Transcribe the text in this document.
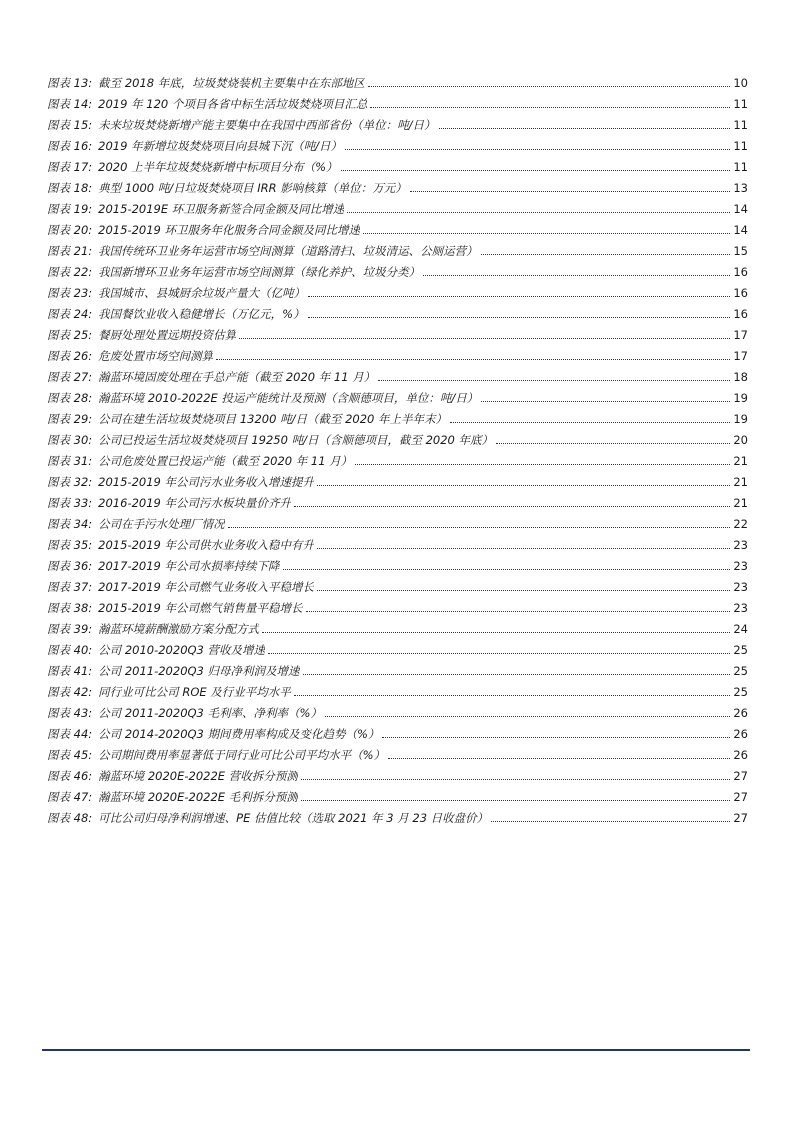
图表 13: 截至 2018 年底，垃圾焚烧装机主要集中在东部地区	10
图表 14: 2019 年 120 个项目各省中标生活垃圾焚烧项目汇总	11
图表 15: 未来垃圾焚烧新增产能主要集中在我国中西部省份（单位：吨/日）	11
图表 16: 2019 年新增垃圾焚烧项目向县城下沉（吨/日）	11
图表 17: 2020 上半年垃圾焚烧新增中标项目分布（%）	11
图表 18: 典型 1000 吨/日垃圾焚烧项目 IRR 影响核算（单位：万元）	13
图表 19: 2015-2019E 环卫服务新签合同金额及同比增速	14
图表 20: 2015-2019 环卫服务年化服务合同金额及同比增速	14
图表 21: 我国传统环卫业务年运营市场空间测算（道路清扫、垃圾清运、公厕运营）	15
图表 22: 我国新增环卫业务年运营市场空间测算（绿化养护、垃圾分类）	16
图表 23: 我国城市、县城厨余垃圾产量大（亿吨）	16
图表 24: 我国餐饮业收入稳健增长（万亿元，%）	16
图表 25: 餐厨处理处置远期投资估算	17
图表 26: 危废处置市场空间测算	17
图表 27: 瀚蓝环境固废处理在手总产能（截至 2020 年 11 月）	18
图表 28: 瀚蓝环境 2010-2022E 投运产能统计及预测（含顺德项目，单位：吨/日）	19
图表 29: 公司在建生活垃圾焚烧项目 13200 吨/日（截至 2020 年上半年末）	19
图表 30: 公司已投运生活垃圾焚烧项目 19250 吨/日（含顺德项目，截至 2020 年底）	20
图表 31: 公司危废处置已投运产能（截至 2020 年 11 月）	21
图表 32: 2015-2019 年公司污水业务收入增速提升	21
图表 33: 2016-2019 年公司污水板块量价齐升	21
图表 34: 公司在手污水处理厂情况	22
图表 35: 2015-2019 年公司供水业务收入稳中有升	23
图表 36: 2017-2019 年公司水损率持续下降	23
图表 37: 2017-2019 年公司燃气业务收入平稳增长	23
图表 38: 2015-2019 年公司燃气销售量平稳增长	23
图表 39: 瀚蓝环境薪酬激励方案分配方式	24
图表 40: 公司 2010-2020Q3 营收及增速	25
图表 41: 公司 2011-2020Q3 归母净利润及增速	25
图表 42: 同行业可比公司 ROE 及行业平均水平	25
图表 43: 公司 2011-2020Q3 毛利率、净利率（%）	26
图表 44: 公司 2014-2020Q3 期间费用率构成及变化趋势（%）	26
图表 45: 公司期间费用率显著低于同行业可比公司平均水平（%）	26
图表 46: 瀚蓝环境 2020E-2022E 营收拆分预测	27
图表 47: 瀚蓝环境 2020E-2022E 毛利拆分预测	27
图表 48: 可比公司归母净利润增速、PE 估值比较（选取 2021 年 3 月 23 日收盘价）	27
